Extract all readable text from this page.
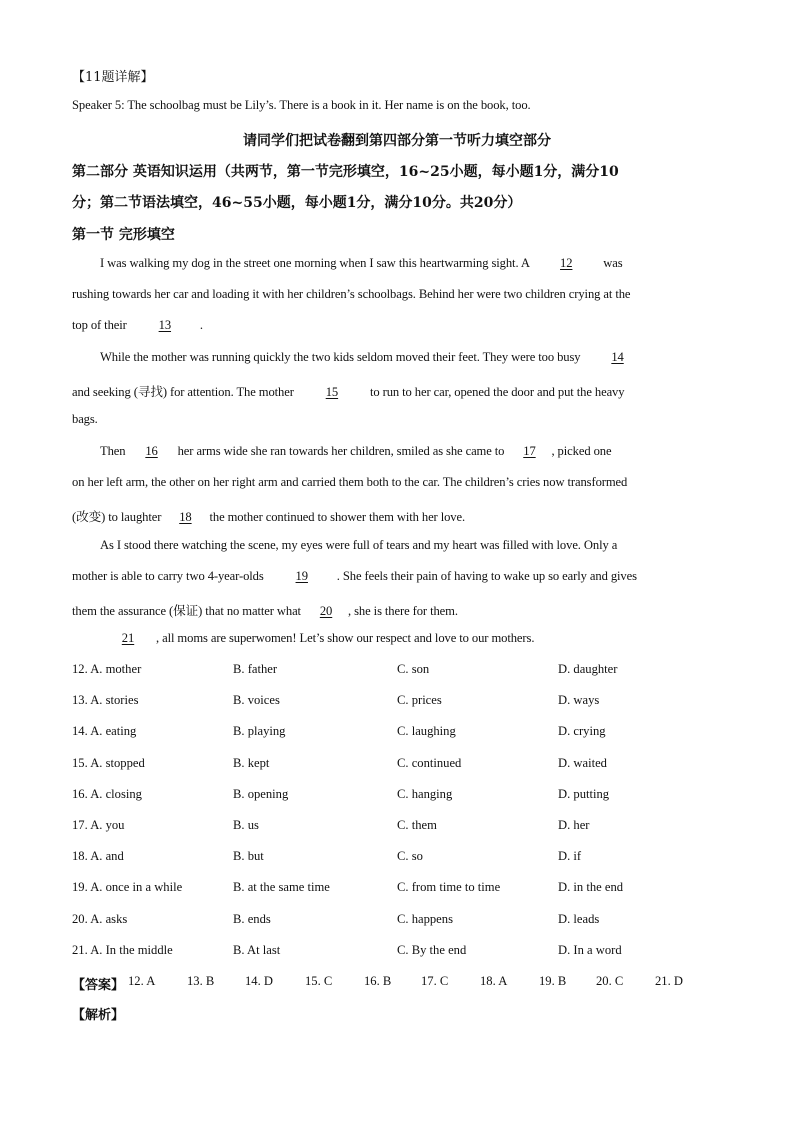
【11题详解】
Speaker 5: The schoolbag must be Lily’s. There is a book in it. Her name is on the book, too.
请同学们把试卷翻到第四部分第一节听力填空部分
第二部分 英语知识运用（共两节，第一节完形填空，16~25小题，每小题1分，满分10
分；第二节语法填空，46~55小题，每小题1分，满分10分。共20分）
第一节 完形填空
I was walking my dog in the street one morning when I saw this heartwarming sight. A 12 was
rushing towards her car and loading it with her children’s schoolbags. Behind her were two children crying at the
top of their	13 .
While the mother was running quickly the two kids seldom moved their feet. They were too busy 14
and seeking (寻找) for attention. The mother	15	to run to her car, opened the door and put the heavy
bags.
Then 16 her arms wide she ran towards her children, smiled as she came to 17 , picked one
on her left arm, the other on her right arm and carried them both to the car. The children’s cries now transformed
(改变) to laughter 18 the mother continued to shower them with her love.
As I stood there watching the scene, my eyes were full of tears and my heart was filled with love. Only a
mother is able to carry two 4-year-olds	19 . She feels their pain of having to wake up so early and gives
them the assurance (保证) that no matter what 20 , she is there for them.
21 , all moms are superwomen! Let’s show our respect and love to our mothers.
12. A. mother	B. father	C. son	D. daughter
13. A. stories	B. voices	C. prices	D. ways
14. A. eating	B. playing	C. laughing	D. crying
15. A. stopped	B. kept	C. continued	D. waited
16. A. closing	B. opening	C. hanging	D. putting
17. A. you	B. us	C. them	D. her
18. A. and	B. but	C. so	D. if
19. A. once in a while	B. at the same time	C. from time to time	D. in the end
20. A. asks	B. ends	C. happens	D. leads
21. A. In the middle	B. At last	C. By the end	D. In a word
【答案】 12. A	13. B 14. D	15. C	16. B 17. C	18. A	19. B 20. C	21. D
【解析】
